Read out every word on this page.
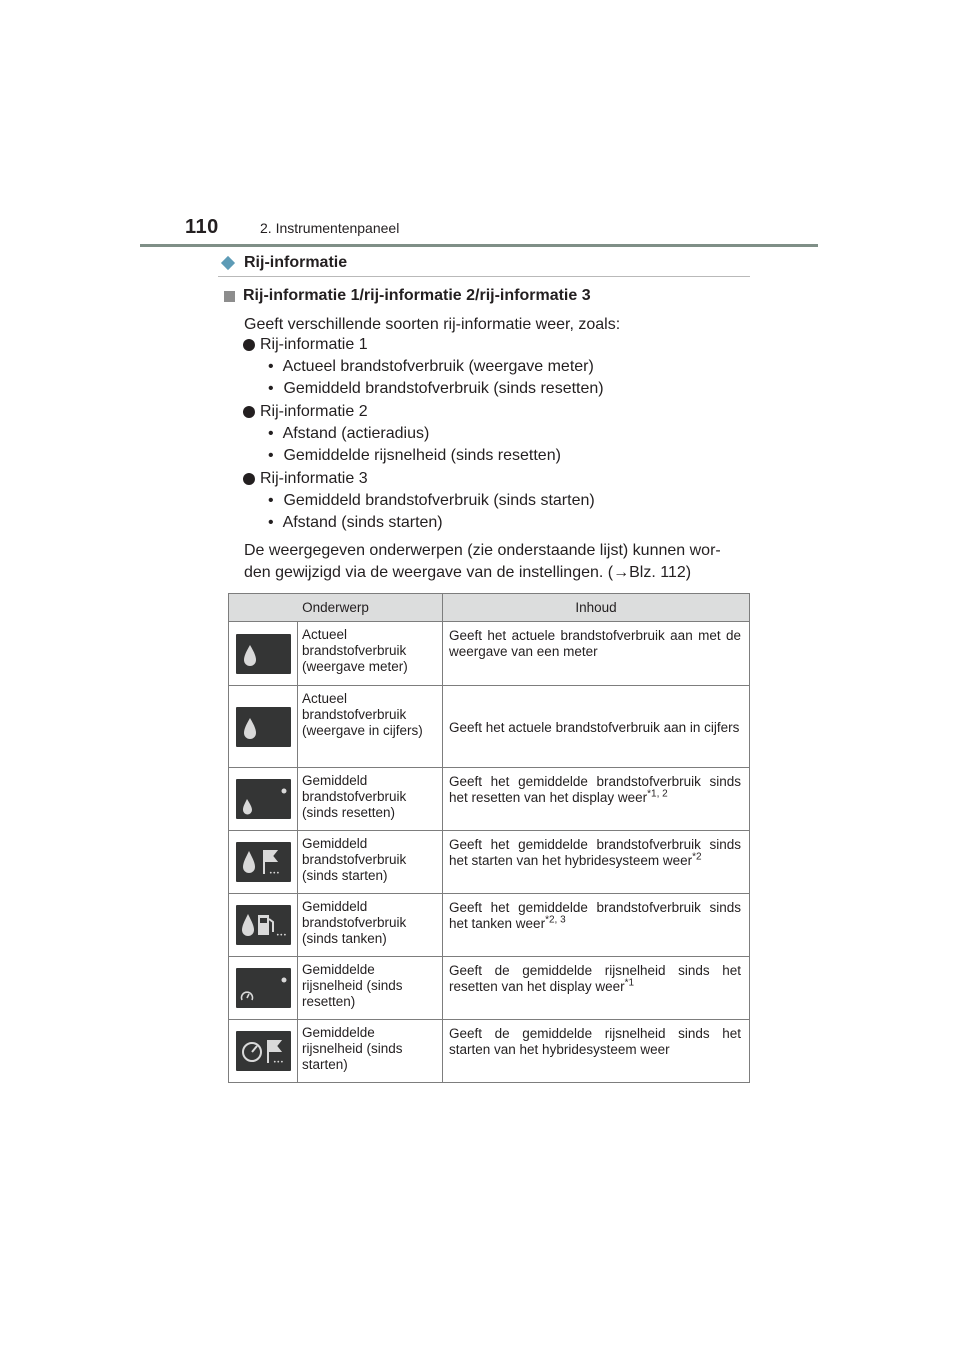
110	2. Instrumentenpaneel
Rij-informatie
Rij-informatie 1/rij-informatie 2/rij-informatie 3
Geeft verschillende soorten rij-informatie weer, zoals:
Rij-informatie 1
• Actueel brandstofverbruik (weergave meter)
• Gemiddeld brandstofverbruik (sinds resetten)
Rij-informatie 2
• Afstand (actieradius)
• Gemiddelde rijsnelheid (sinds resetten)
Rij-informatie 3
• Gemiddeld brandstofverbruik (sinds starten)
• Afstand (sinds starten)
De weergegeven onderwerpen (zie onderstaande lijst) kunnen wor-
den gewijzigd via de weergave van de instellingen. (→Blz. 112)
Onderwerp		Inhoud

	Actueel brandstofverbruik (weergave meter)	Geeft het actuele brandstofverbruik aan met de weergave van een meter

	Actueel brandstofverbruik (weergave in cijfers)	Geeft het actuele brandstofverbruik aan in cijfers

	Gemiddeld brandstofverbruik (sinds resetten)	Geeft het gemiddelde brandstofverbruik sinds het resetten van het display weer$^{*1, 2}$

•••	Gemiddeld brandstofverbruik (sinds starten)	Geeft het gemiddelde brandstofverbruik sinds het starten van het hybridesysteem weer$^{*2}$

•••	Gemiddeld brandstofverbruik (sinds tanken)	Geeft het gemiddelde brandstofverbruik sinds het tanken weer$^{*2, 3}$

	Gemiddelde rijsnelheid (sinds resetten)	Geeft de gemiddelde rijsnelheid sinds het resetten van het display weer$^{*1}$

•••	Gemiddelde rijsnelheid (sinds starten)	Geeft de gemiddelde rijsnelheid sinds het starten van het hybridesysteem weer
